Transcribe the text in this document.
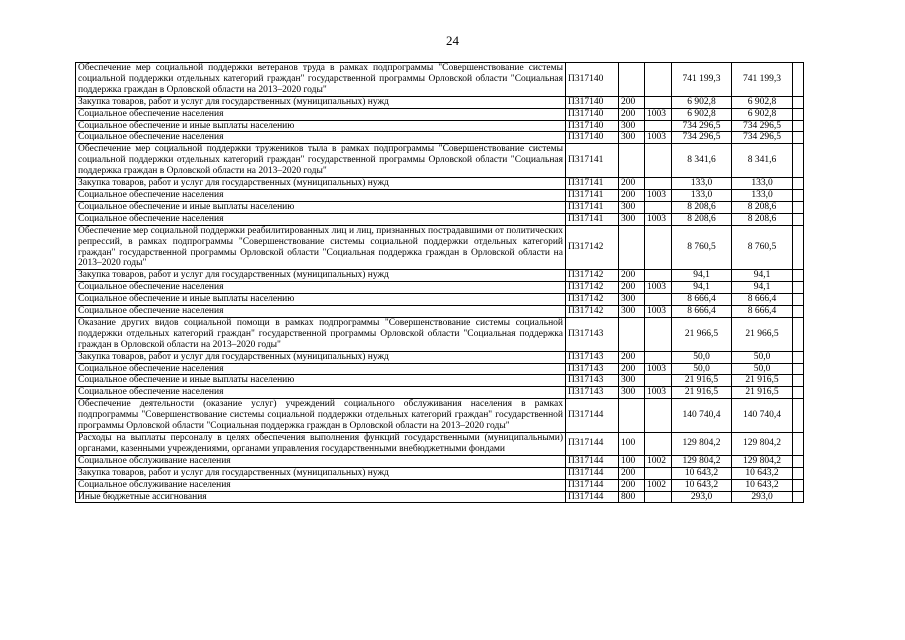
24
Обеспечение мер социальной поддержки ветеранов труда в рамках подпрограммы "Совершенствование системы социальной поддержки отдельных категорий граждан" государственной программы Орловской области "Социальная поддержка граждан в Орловской области на 2013–2020 годы"	П317140			741 199,3	741 199,3	
Закупка товаров, работ и услуг для государственных (муниципальных) нужд	П317140	200		6 902,8	6 902,8	
Социальное обеспечение населения	П317140	200	1003	6 902,8	6 902,8	
Социальное обеспечение и иные выплаты населению	П317140	300		734 296,5	734 296,5	
Социальное обеспечение населения	П317140	300	1003	734 296,5	734 296,5	
Обеспечение мер социальной поддержки тружеников тыла в рамках подпрограммы "Совершенствование системы социальной поддержки отдельных категорий граждан" государственной программы Орловской области "Социальная поддержка граждан в Орловской области на 2013–2020 годы"	П317141			8 341,6	8 341,6	
Закупка товаров, работ и услуг для государственных (муниципальных) нужд	П317141	200		133,0	133,0	
Социальное обеспечение населения	П317141	200	1003	133,0	133,0	
Социальное обеспечение и иные выплаты населению	П317141	300		8 208,6	8 208,6	
Социальное обеспечение населения	П317141	300	1003	8 208,6	8 208,6	
Обеспечение мер социальной поддержки реабилитированных лиц и лиц, признанных пострадавшими от политических репрессий, в рамках подпрограммы "Совершенствование системы социальной поддержки отдельных категорий граждан" государственной программы Орловской области "Социальная поддержка граждан в Орловской области на 2013–2020 годы"	П317142			8 760,5	8 760,5	
Закупка товаров, работ и услуг для государственных (муниципальных) нужд	П317142	200		94,1	94,1	
Социальное обеспечение населения	П317142	200	1003	94,1	94,1	
Социальное обеспечение и иные выплаты населению	П317142	300		8 666,4	8 666,4	
Социальное обеспечение населения	П317142	300	1003	8 666,4	8 666,4	
Оказание других видов социальной помощи в рамках подпрограммы "Совершенствование системы социальной поддержки отдельных категорий граждан" государственной программы Орловской области "Социальная поддержка граждан в Орловской области на 2013–2020 годы"	П317143			21 966,5	21 966,5	
Закупка товаров, работ и услуг для государственных (муниципальных) нужд	П317143	200		50,0	50,0	
Социальное обеспечение населения	П317143	200	1003	50,0	50,0	
Социальное обеспечение и иные выплаты населению	П317143	300		21 916,5	21 916,5	
Социальное обеспечение населения	П317143	300	1003	21 916,5	21 916,5	
Обеспечение деятельности (оказание услуг) учреждений социального обслуживания населения в рамках подпрограммы "Совершенствование системы социальной поддержки отдельных категорий граждан" государственной программы Орловской области "Социальная поддержка граждан в Орловской области на 2013–2020 годы"	П317144			140 740,4	140 740,4	
Расходы на выплаты персоналу в целях обеспечения выполнения функций государственными (муниципальными) органами, казенными учреждениями, органами управления государственными внебюджетными фондами	П317144	100		129 804,2	129 804,2	
Социальное обслуживание населения	П317144	100	1002	129 804,2	129 804,2	
Закупка товаров, работ и услуг для государственных (муниципальных) нужд	П317144	200		10 643,2	10 643,2	
Социальное обслуживание населения	П317144	200	1002	10 643,2	10 643,2	
Иные бюджетные ассигнования	П317144	800		293,0	293,0	
